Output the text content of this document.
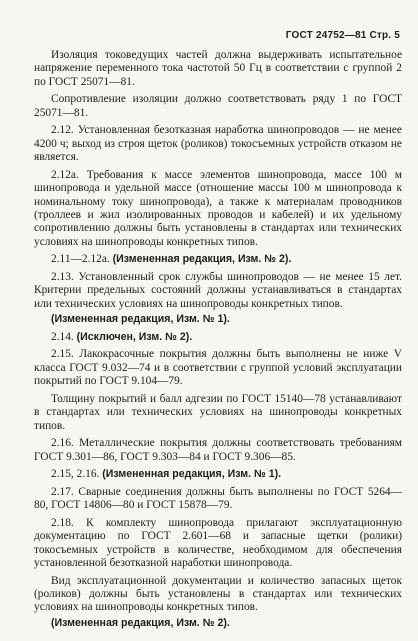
ГОСТ 24752—81 Стр. 5

Изоляция токоведущих частей должна выдерживать испытательное напряжение переменного тока частотой 50 Гц в соответствии с группой 2 по ГОСТ 25071—81.

Сопротивление изоляции должно соответствовать ряду 1 по ГОСТ 25071—81.

2.12. Установленная безотказная наработка шинопроводов — не менее 4200 ч; выход из строя щеток (роликов) токосъемных устройств отказом не является.

2.12а. Требования к массе элементов шинопровода, массе 100 м шинопровода и удельной массе (отношение массы 100 м шинопровода к номинальному току шинопровода), а также к материалам проводников (троллеев и жил изолированных проводов и кабелей) и их удельному сопротивлению должны быть установлены в стандартах или технических условиях на шинопроводы конкретных типов.

2.11—2.12а. (Измененная редакция, Изм. № 2).

2.13. Установленный срок службы шинопроводов — не менее 15 лет. Критерии предельных состояний должны устанавливаться в стандартах или технических условиях на шинопроводы конкретных типов.

(Измененная редакция, Изм. № 1).

2.14. (Исключен, Изм. № 2).

2.15. Лакокрасочные покрытия должны быть выполнены не ниже V класса ГОСТ 9.032—74 и в соответствии с группой условий эксплуатации покрытий по ГОСТ 9.104—79.

Толщину покрытий и балл адгезии по ГОСТ 15140—78 устанавливают в стандартах или технических условиях на шинопроводы конкретных типов.

2.16. Металлические покрытия должны соответствовать требованиям ГОСТ 9.301—86, ГОСТ 9.303—84 и ГОСТ 9.306—85.

2.15, 2.16. (Измененная редакция, Изм. № 1).

2.17. Сварные соединения должны быть выполнены по ГОСТ 5264—80, ГОСТ 14806—80 и ГОСТ 15878—79.

2.18. К комплекту шинопровода прилагают эксплуатационную документацию по ГОСТ 2.601—68 и запасные щетки (ролики) токосъемных устройств в количестве, необходимом для обеспечения установленной безотказной наработки шинопровода.

Вид эксплуатационной документации и количество запасных щеток (роликов) должны быть установлены в стандартах или технических условиях на шинопроводы конкретных типов.

(Измененная редакция, Изм. № 2).
